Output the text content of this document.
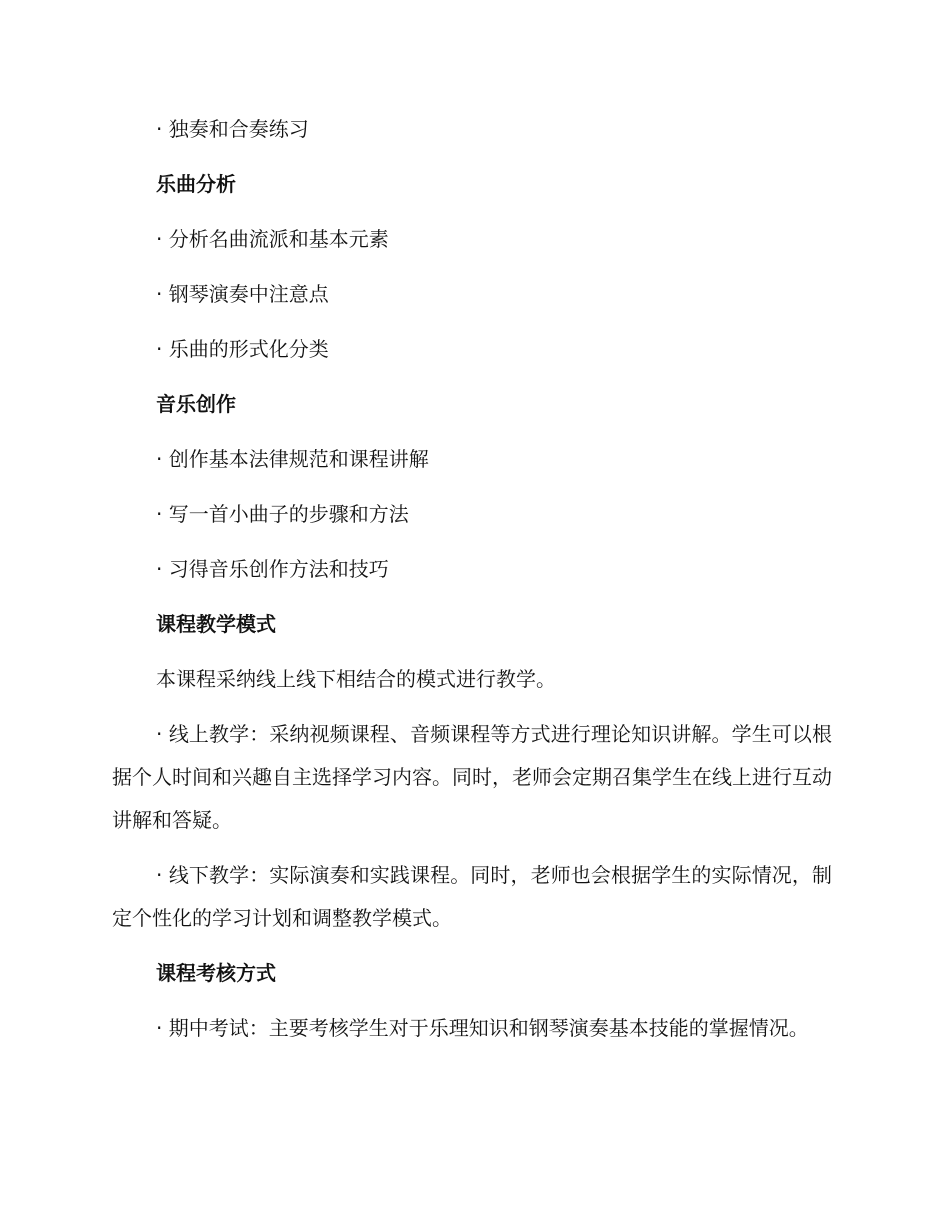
· 独奏和合奏练习

乐曲分析

· 分析名曲流派和基本元素

· 钢琴演奏中注意点

· 乐曲的形式化分类

音乐创作

· 创作基本法律规范和课程讲解

· 写一首小曲子的步骤和方法

· 习得音乐创作方法和技巧

课程教学模式

本课程采纳线上线下相结合的模式进行教学。

· 线上教学：采纳视频课程、音频课程等方式进行理论知识讲解。学生可以根据个人时间和兴趣自主选择学习内容。同时，老师会定期召集学生在线上进行互动讲解和答疑。

· 线下教学：实际演奏和实践课程。同时，老师也会根据学生的实际情况，制定个性化的学习计划和调整教学模式。

课程考核方式

· 期中考试：主要考核学生对于乐理知识和钢琴演奏基本技能的掌握情况。
